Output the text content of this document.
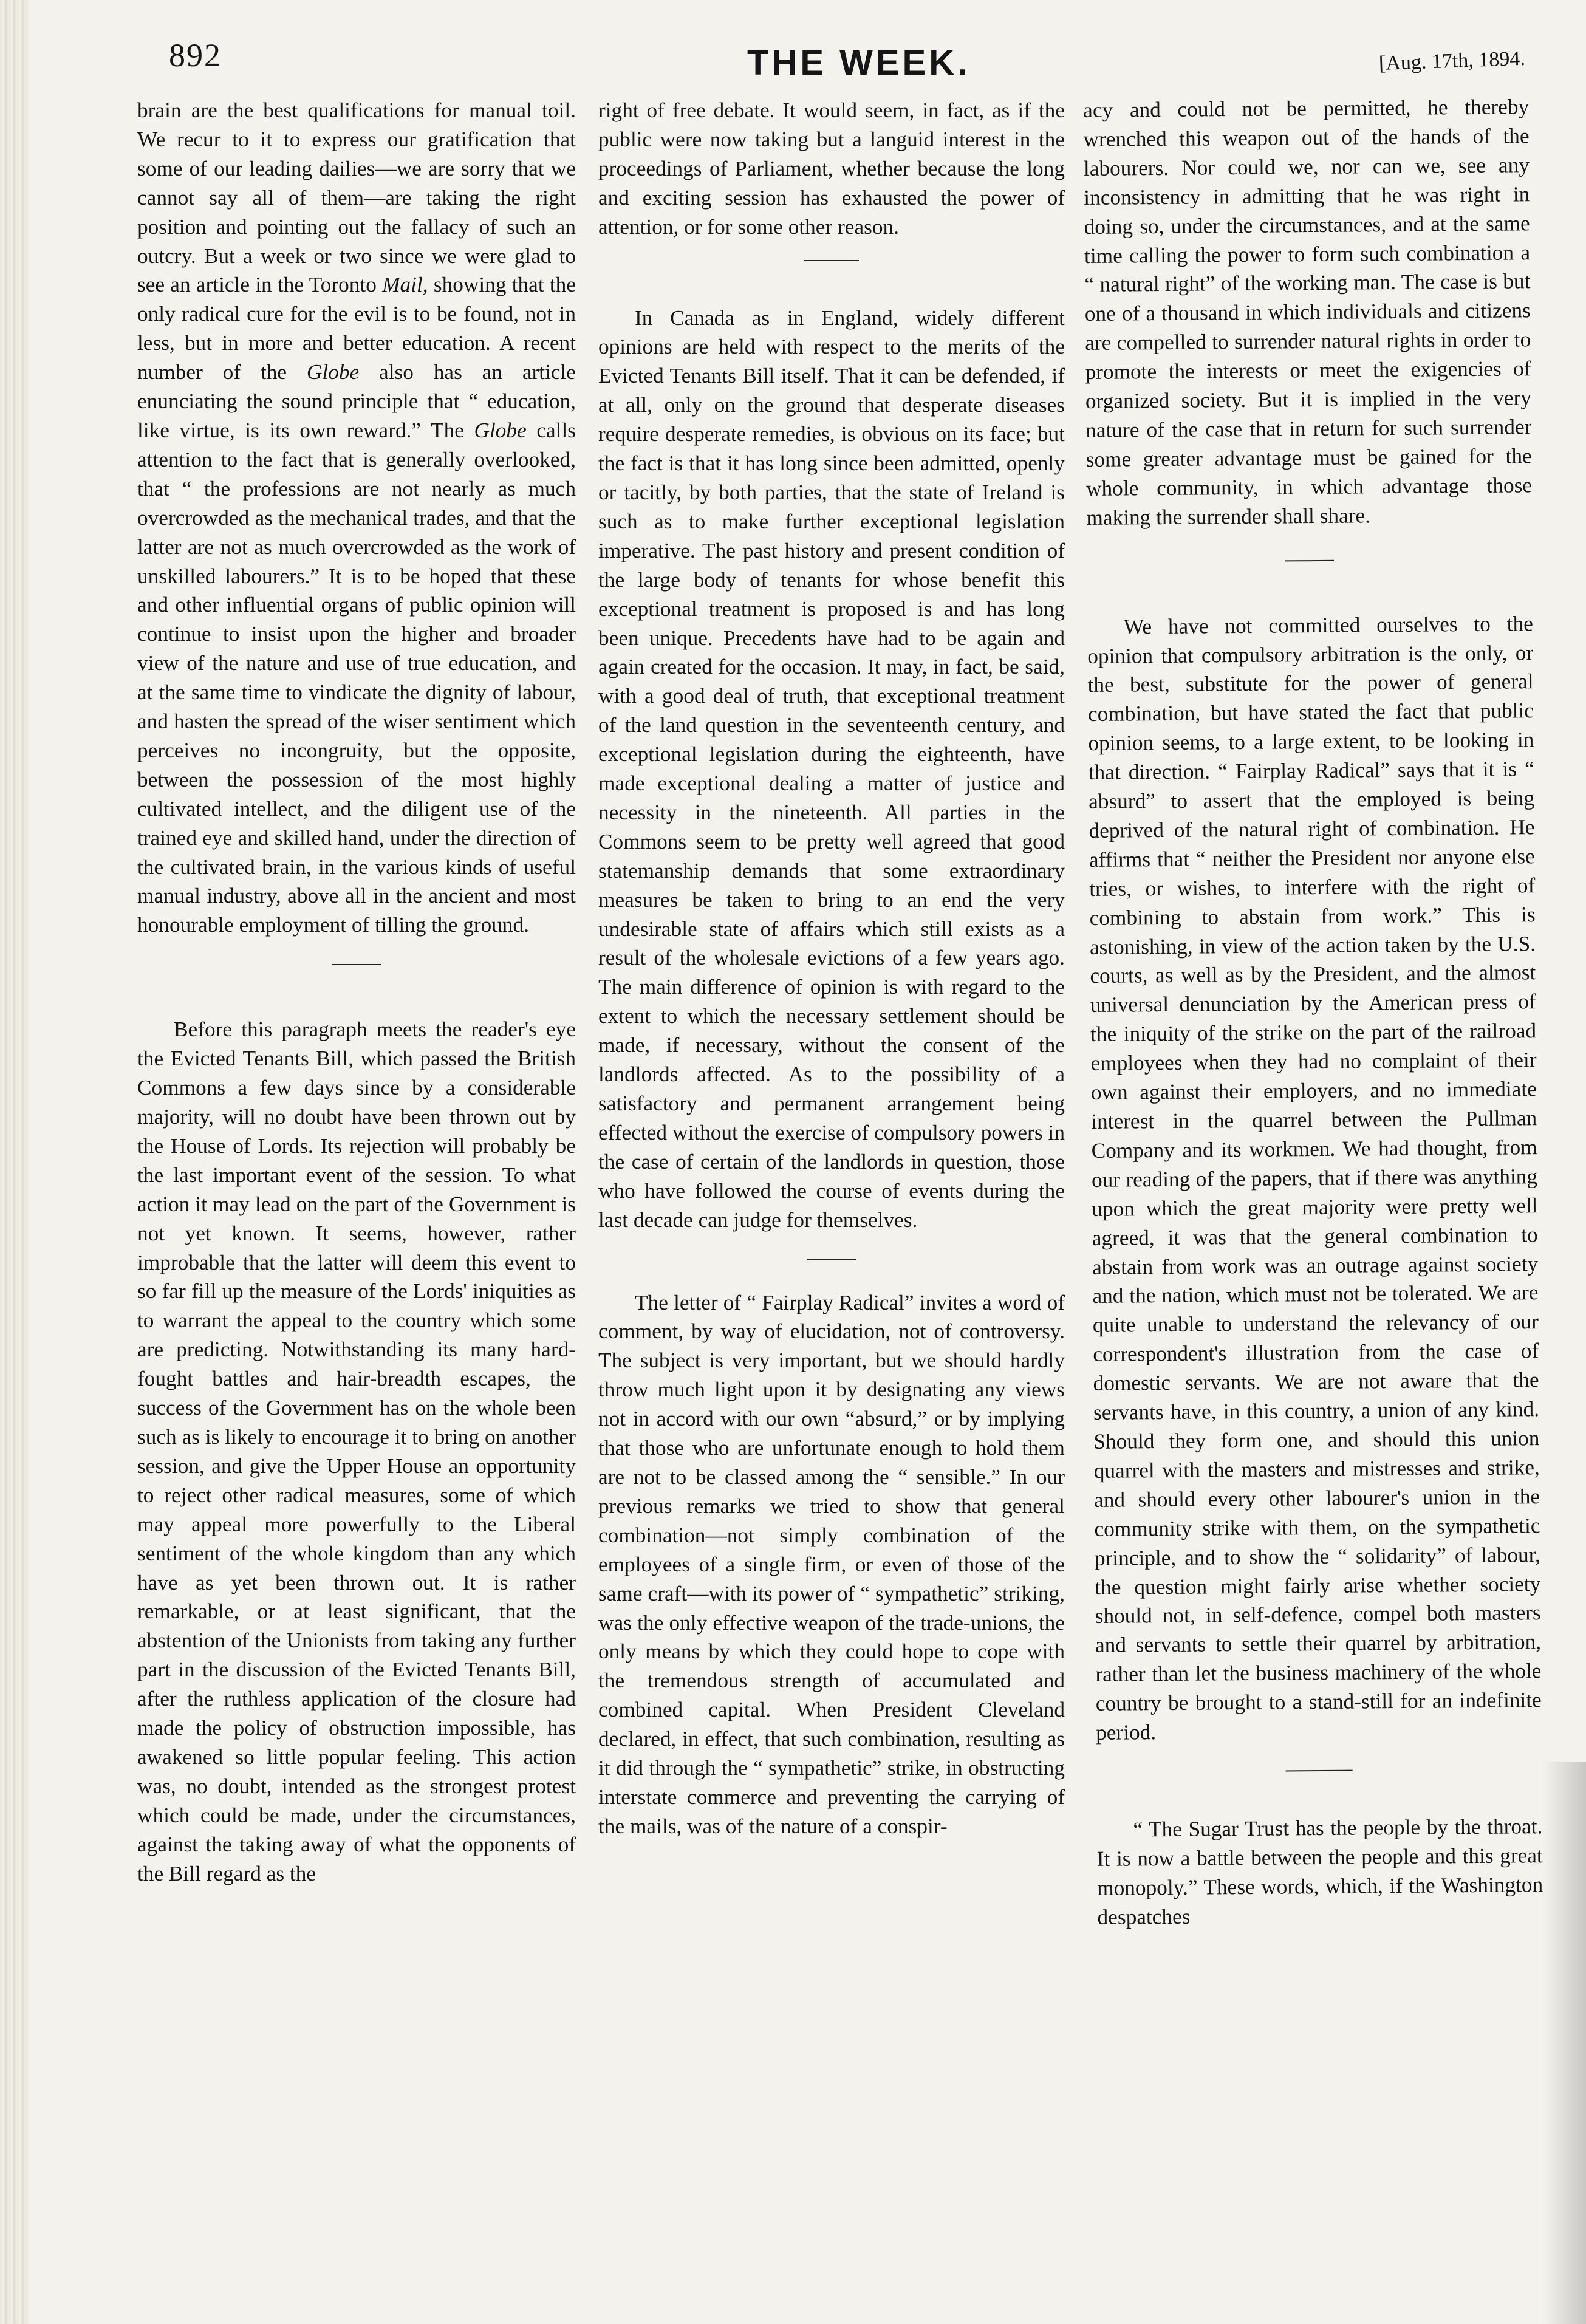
892	THE WEEK.	[Aug. 17th, 1894.

brain are the best qualifications for manual toil. We recur to it to express our gratification that some of our leading dailies—we are sorry that we cannot say all of them—are taking the right position and pointing out the fallacy of such an outcry. But a week or two since we were glad to see an article in the Toronto Mail, showing that the only radical cure for the evil is to be found, not in less, but in more and better education. A recent number of the Globe also has an article enunciating the sound principle that “ education, like virtue, is its own reward.” The Globe calls attention to the fact that is generally overlooked, that “ the professions are not nearly as much overcrowded as the mechanical trades, and that the latter are not as much overcrowded as the work of unskilled labourers.” It is to be hoped that these and other influential organs of public opinion will continue to insist upon the higher and broader view of the nature and use of true education, and at the same time to vindicate the dignity of labour, and hasten the spread of the wiser sentiment which perceives no incongruity, but the opposite, between the possession of the most highly cultivated intellect, and the diligent use of the trained eye and skilled hand, under the direction of the cultivated brain, in the various kinds of useful manual industry, above all in the ancient and most honourable employment of tilling the ground.

Before this paragraph meets the reader's eye the Evicted Tenants Bill, which passed the British Commons a few days since by a considerable majority, will no doubt have been thrown out by the House of Lords. Its rejection will probably be the last important event of the session. To what action it may lead on the part of the Government is not yet known. It seems, however, rather improbable that the latter will deem this event to so far fill up the measure of the Lords' iniquities as to warrant the appeal to the country which some are predicting. Notwithstanding its many hard-fought battles and hair-breadth escapes, the success of the Government has on the whole been such as is likely to encourage it to bring on another session, and give the Upper House an opportunity to reject other radical measures, some of which may appeal more powerfully to the Liberal sentiment of the whole kingdom than any which have as yet been thrown out. It is rather remarkable, or at least significant, that the abstention of the Unionists from taking any further part in the discussion of the Evicted Tenants Bill, after the ruthless application of the closure had made the policy of obstruction impossible, has awakened so little popular feeling. This action was, no doubt, intended as the strongest protest which could be made, under the circumstances, against the taking away of what the opponents of the Bill regard as the

right of free debate. It would seem, in fact, as if the public were now taking but a languid interest in the proceedings of Parliament, whether because the long and exciting session has exhausted the power of attention, or for some other reason.

In Canada as in England, widely different opinions are held with respect to the merits of the Evicted Tenants Bill itself. That it can be defended, if at all, only on the ground that desperate diseases require desperate remedies, is obvious on its face; but the fact is that it has long since been admitted, openly or tacitly, by both parties, that the state of Ireland is such as to make further exceptional legislation imperative. The past history and present condition of the large body of tenants for whose benefit this exceptional treatment is proposed is and has long been unique. Precedents have had to be again and again created for the occasion. It may, in fact, be said, with a good deal of truth, that exceptional treatment of the land question in the seventeenth century, and exceptional legislation during the eighteenth, have made exceptional dealing a matter of justice and necessity in the nineteenth. All parties in the Commons seem to be pretty well agreed that good statemanship demands that some extraordinary measures be taken to bring to an end the very undesirable state of affairs which still exists as a result of the wholesale evictions of a few years ago. The main difference of opinion is with regard to the extent to which the necessary settlement should be made, if necessary, without the consent of the landlords affected. As to the possibility of a satisfactory and permanent arrangement being effected without the exercise of compulsory powers in the case of certain of the landlords in question, those who have followed the course of events during the last decade can judge for themselves.

The letter of “ Fairplay Radical” invites a word of comment, by way of elucidation, not of controversy. The subject is very important, but we should hardly throw much light upon it by designating any views not in accord with our own “absurd,” or by implying that those who are unfortunate enough to hold them are not to be classed among the “ sensible.” In our previous remarks we tried to show that general combination—not simply combination of the employees of a single firm, or even of those of the same craft—with its power of “ sympathetic” striking, was the only effective weapon of the trade-unions, the only means by which they could hope to cope with the tremendous strength of accumulated and combined capital. When President Cleveland declared, in effect, that such combination, resulting as it did through the “ sympathetic” strike, in obstructing interstate commerce and preventing the carrying of the mails, was of the nature of a conspir-

acy and could not be permitted, he thereby wrenched this weapon out of the hands of the labourers. Nor could we, nor can we, see any inconsistency in admitting that he was right in doing so, under the circumstances, and at the same time calling the power to form such combination a “ natural right” of the working man. The case is but one of a thousand in which individuals and citizens are compelled to surrender natural rights in order to promote the interests or meet the exigencies of organized society. But it is implied in the very nature of the case that in return for such surrender some greater advantage must be gained for the whole community, in which advantage those making the surrender shall share.

We have not committed ourselves to the opinion that compulsory arbitration is the only, or the best, substitute for the power of general combination, but have stated the fact that public opinion seems, to a large extent, to be looking in that direction. “ Fairplay Radical” says that it is “ absurd” to assert that the employed is being deprived of the natural right of combination. He affirms that “ neither the President nor anyone else tries, or wishes, to interfere with the right of combining to abstain from work.” This is astonishing, in view of the action taken by the U.S. courts, as well as by the President, and the almost universal denunciation by the American press of the iniquity of the strike on the part of the railroad employees when they had no complaint of their own against their employers, and no immediate interest in the quarrel between the Pullman Company and its workmen. We had thought, from our reading of the papers, that if there was anything upon which the great majority were pretty well agreed, it was that the general combination to abstain from work was an outrage against society and the nation, which must not be tolerated. We are quite unable to understand the relevancy of our correspondent's illustration from the case of domestic servants. We are not aware that the servants have, in this country, a union of any kind. Should they form one, and should this union quarrel with the masters and mistresses and strike, and should every other labourer's union in the community strike with them, on the sympathetic principle, and to show the “ solidarity” of labour, the question might fairly arise whether society should not, in self-defence, compel both masters and servants to settle their quarrel by arbitration, rather than let the business machinery of the whole country be brought to a stand-still for an indefinite period.

“ The Sugar Trust has the people by the throat. It is now a battle between the people and this great monopoly.” These words, which, if the Washington despatches
